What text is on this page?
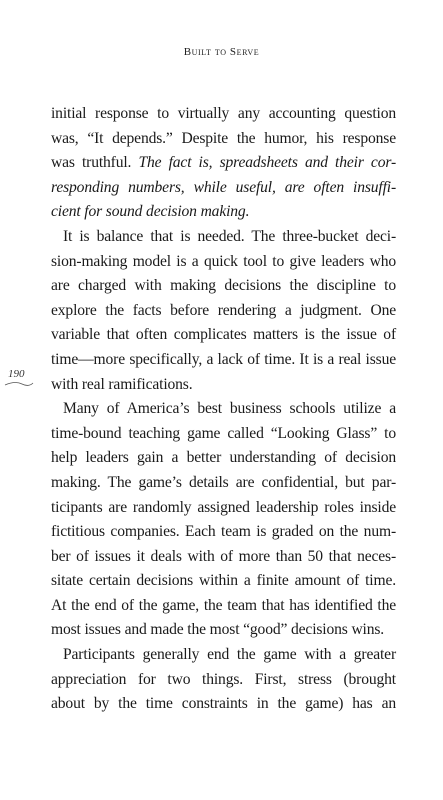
Built to Serve
190
initial response to virtually any accounting question
was, “It depends.” Despite the humor, his response
was truthful. The fact is, spreadsheets and their cor-
responding numbers, while useful, are often insuffi-
cient for sound decision making.
It is balance that is needed. The three-bucket deci-
sion-making model is a quick tool to give leaders who
are charged with making decisions the discipline to
explore the facts before rendering a judgment. One
variable that often complicates matters is the issue of
time—more specifically, a lack of time. It is a real issue
with real ramifications.
Many of America’s best business schools utilize a
time-bound teaching game called “Looking Glass” to
help leaders gain a better understanding of decision
making. The game’s details are confidential, but par-
ticipants are randomly assigned leadership roles inside
fictitious companies. Each team is graded on the num-
ber of issues it deals with of more than 50 that neces-
sitate certain decisions within a finite amount of time.
At the end of the game, the team that has identified the
most issues and made the most “good” decisions wins.
Participants generally end the game with a greater
appreciation for two things. First, stress (brought
about by the time constraints in the game) has an
